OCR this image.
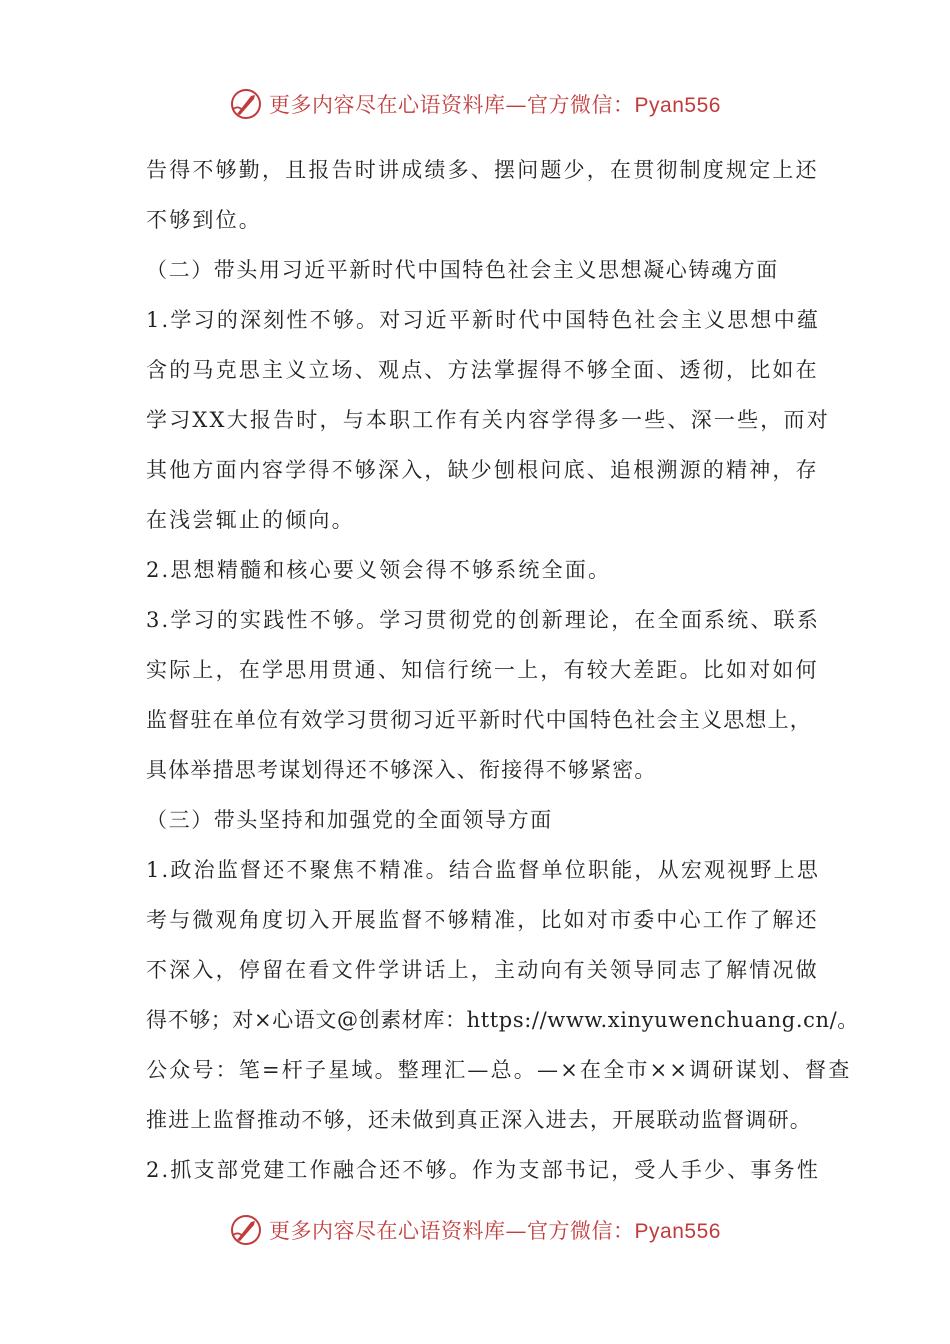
更多内容尽在心语资料库—官方微信：Pyan556
告得不够勤，且报告时讲成绩多、摆问题少，在贯彻制度规定上还
不够到位。
（二）带头用习近平新时代中国特色社会主义思想凝心铸魂方面
1.学习的深刻性不够。对习近平新时代中国特色社会主义思想中蕴
含的马克思主义立场、观点、方法掌握得不够全面、透彻，比如在
学习XX大报告时，与本职工作有关内容学得多一些、深一些，而对
其他方面内容学得不够深入，缺少刨根问底、追根溯源的精神，存
在浅尝辄止的倾向。
2.思想精髓和核心要义领会得不够系统全面。
3.学习的实践性不够。学习贯彻党的创新理论，在全面系统、联系
实际上，在学思用贯通、知信行统一上，有较大差距。比如对如何
监督驻在单位有效学习贯彻习近平新时代中国特色社会主义思想上，
具体举措思考谋划得还不够深入、衔接得不够紧密。
（三）带头坚持和加强党的全面领导方面
1.政治监督还不聚焦不精准。结合监督单位职能，从宏观视野上思
考与微观角度切入开展监督不够精准，比如对市委中心工作了解还
不深入，停留在看文件学讲话上，主动向有关领导同志了解情况做
得不够；对×心语文@创素材库：https://www.xinyuwenchuang.cn/。
公众号：笔=杆子星域。整理汇—总。—×在全市××调研谋划、督查
推进上监督推动不够，还未做到真正深入进去，开展联动监督调研。
2.抓支部党建工作融合还不够。作为支部书记，受人手少、事务性
更多内容尽在心语资料库—官方微信：Pyan556
